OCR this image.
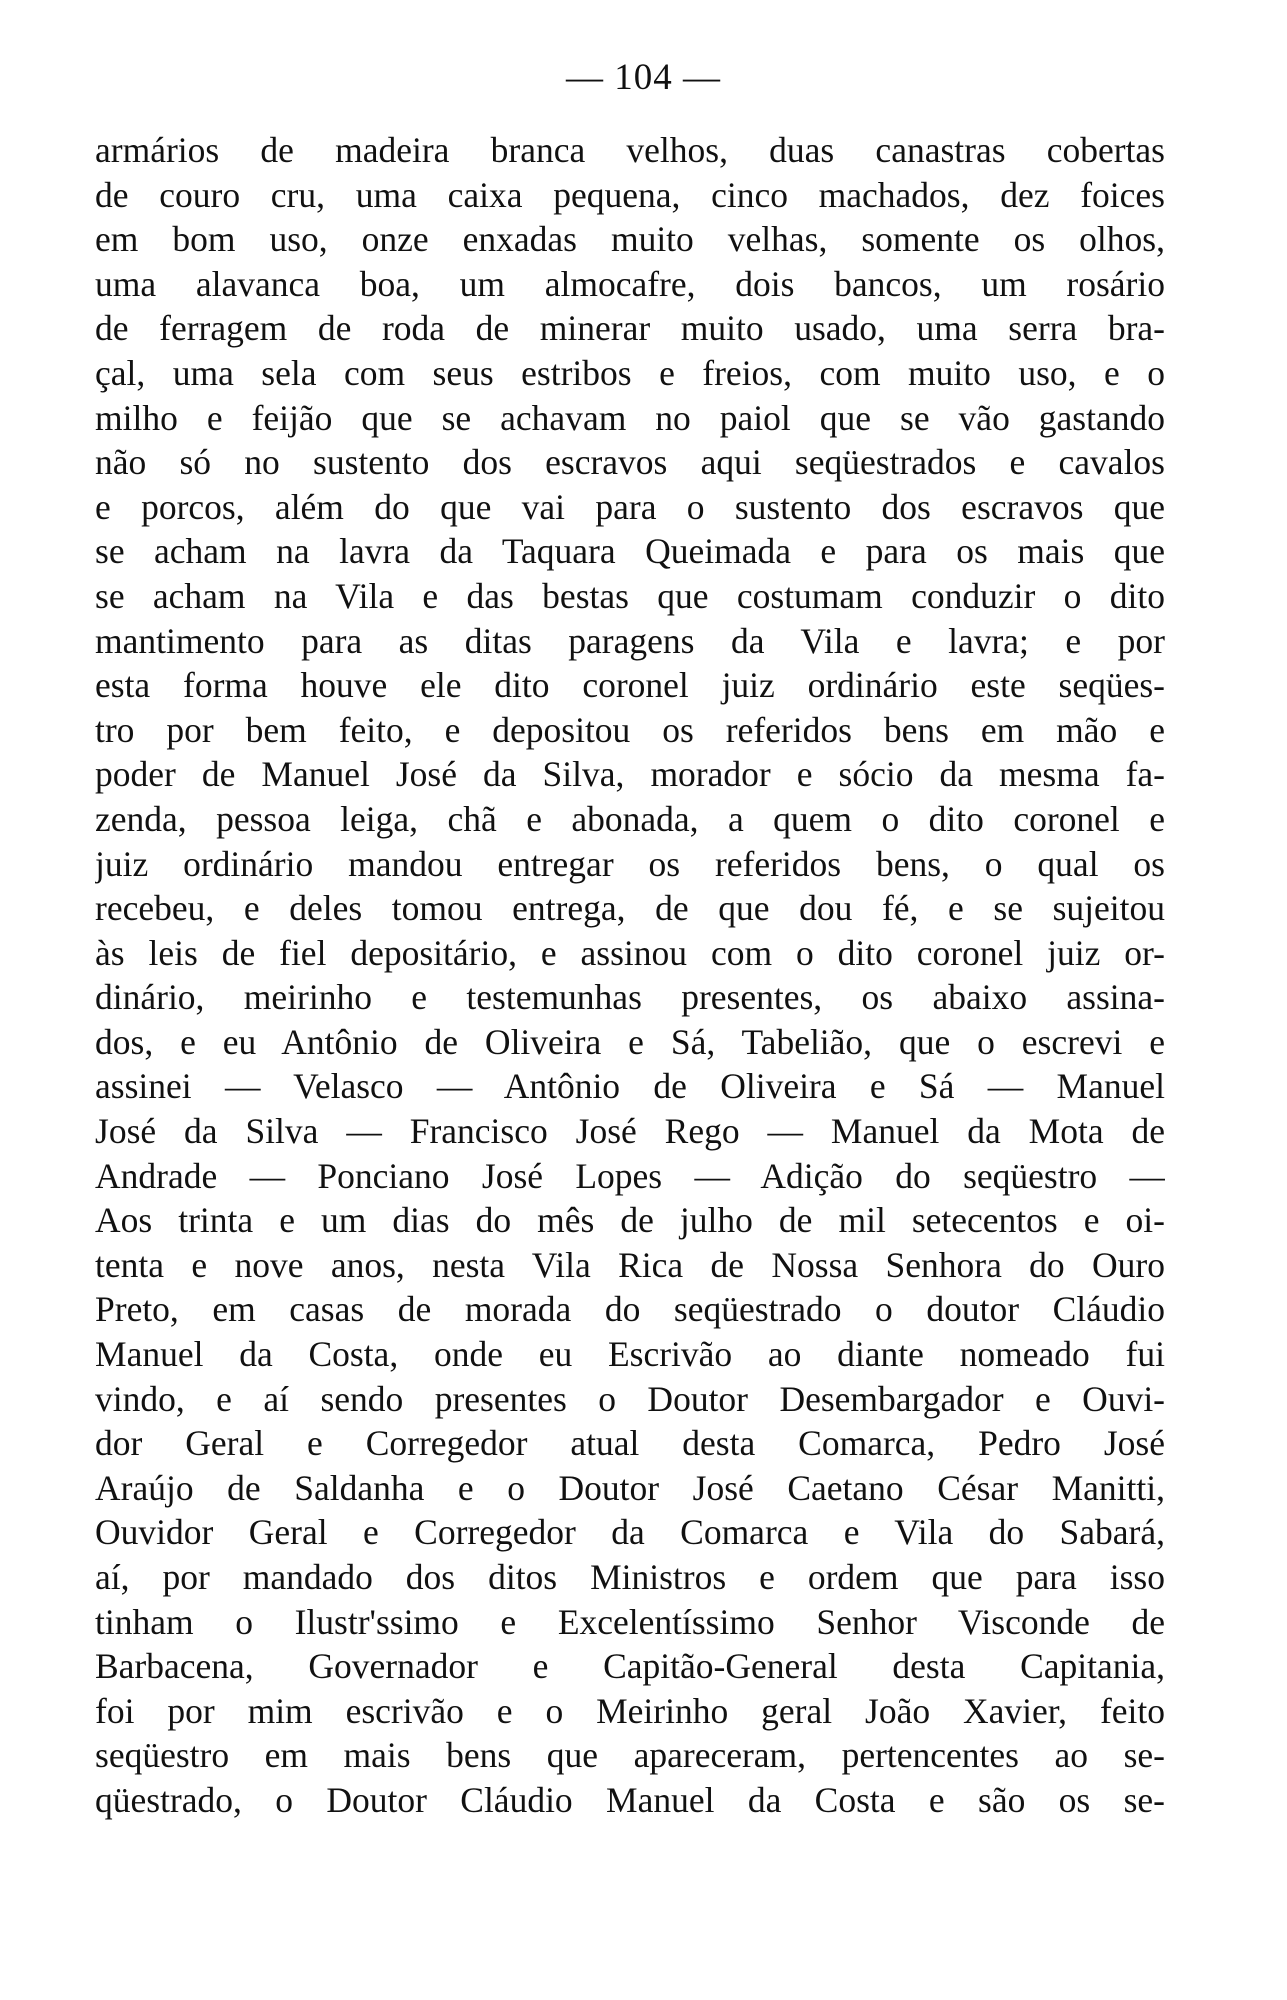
— 104 —
armários de madeira branca velhos, duas canastras cobertas
de couro cru, uma caixa pequena, cinco machados, dez foices
em bom uso, onze enxadas muito velhas, somente os olhos,
uma alavanca boa, um almocafre, dois bancos, um rosário
de ferragem de roda de minerar muito usado, uma serra bra-
çal, uma sela com seus estribos e freios, com muito uso, e o
milho e feijão que se achavam no paiol que se vão gastando
não só no sustento dos escravos aqui seqüestrados e cavalos
e porcos, além do que vai para o sustento dos escravos que
se acham na lavra da Taquara Queimada e para os mais que
se acham na Vila e das bestas que costumam conduzir o dito
mantimento para as ditas paragens da Vila e lavra; e por
esta forma houve ele dito coronel juiz ordinário este seqües-
tro por bem feito, e depositou os referidos bens em mão e
poder de Manuel José da Silva, morador e sócio da mesma fa-
zenda, pessoa leiga, chã e abonada, a quem o dito coronel e
juiz ordinário mandou entregar os referidos bens, o qual os
recebeu, e deles tomou entrega, de que dou fé, e se sujeitou
às leis de fiel depositário, e assinou com o dito coronel juiz or-
dinário, meirinho e testemunhas presentes, os abaixo assina-
dos, e eu Antônio de Oliveira e Sá, Tabelião, que o escrevi e
assinei — Velasco — Antônio de Oliveira e Sá — Manuel
José da Silva — Francisco José Rego — Manuel da Mota de
Andrade — Ponciano José Lopes — Adição do seqüestro —
Aos trinta e um dias do mês de julho de mil setecentos e oi-
tenta e nove anos, nesta Vila Rica de Nossa Senhora do Ouro
Preto, em casas de morada do seqüestrado o doutor Cláudio
Manuel da Costa, onde eu Escrivão ao diante nomeado fui
vindo, e aí sendo presentes o Doutor Desembargador e Ouvi-
dor Geral e Corregedor atual desta Comarca, Pedro José
Araújo de Saldanha e o Doutor José Caetano César Manitti,
Ouvidor Geral e Corregedor da Comarca e Vila do Sabará,
aí, por mandado dos ditos Ministros e ordem que para isso
tinham o Ilustr'ssimo e Excelentíssimo Senhor Visconde de
Barbacena, Governador e Capitão-General desta Capitania,
foi por mim escrivão e o Meirinho geral João Xavier, feito
seqüestro em mais bens que apareceram, pertencentes ao se-
qüestrado, o Doutor Cláudio Manuel da Costa e são os se-
